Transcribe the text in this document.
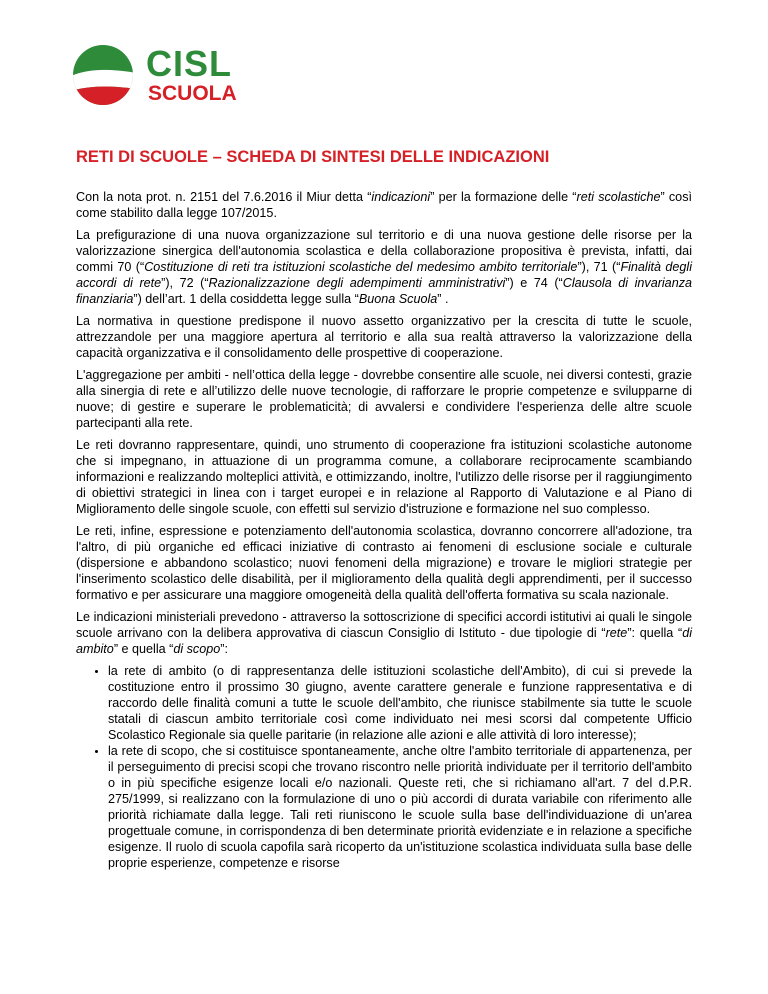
CISL
SCUOLA
RETI DI SCUOLE – SCHEDA DI SINTESI DELLE INDICAZIONI

Con la nota prot. n. 2151 del 7.6.2016 il Miur detta “indicazioni” per la formazione delle “reti scolastiche” così come stabilito dalla legge 107/2015.

La prefigurazione di una nuova organizzazione sul territorio e di una nuova gestione delle risorse per la valorizzazione sinergica dell'autonomia scolastica e della collaborazione propositiva è prevista, infatti, dai commi 70 (“Costituzione di reti tra istituzioni scolastiche del medesimo ambito territoriale”), 71 (“Finalità degli accordi di rete”), 72 (“Razionalizzazione degli adempimenti amministrativi”) e 74 (“Clausola di invarianza finanziaria”) dell’art. 1 della cosiddetta legge sulla “Buona Scuola” .

La normativa in questione predispone il nuovo assetto organizzativo per la crescita di tutte le scuole, attrezzandole per una maggiore apertura al territorio e alla sua realtà attraverso la valorizzazione della capacità organizzativa e il consolidamento delle prospettive di cooperazione.

L'aggregazione per ambiti - nell’ottica della legge - dovrebbe consentire alle scuole, nei diversi contesti, grazie alla sinergia di rete e all’utilizzo delle nuove tecnologie, di rafforzare le proprie competenze e svilupparne di nuove; di gestire e superare le problematicità; di avvalersi e condividere l'esperienza delle altre scuole partecipanti alla rete.

Le reti dovranno rappresentare, quindi, uno strumento di cooperazione fra istituzioni scolastiche autonome che si impegnano, in attuazione di un programma comune, a collaborare reciprocamente scambiando informazioni e realizzando molteplici attività, e ottimizzando, inoltre, l'utilizzo delle risorse per il raggiungimento di obiettivi strategici in linea con i target europei e in relazione al Rapporto di Valutazione e al Piano di Miglioramento delle singole scuole, con effetti sul servizio d'istruzione e formazione nel suo complesso.

Le reti, infine, espressione e potenziamento dell'autonomia scolastica, dovranno concorrere all'adozione, tra l'altro, di più organiche ed efficaci iniziative di contrasto ai fenomeni di esclusione sociale e culturale (dispersione e abbandono scolastico; nuovi fenomeni della migrazione) e trovare le migliori strategie per l'inserimento scolastico delle disabilità, per il miglioramento della qualità degli apprendimenti, per il successo formativo e per assicurare una maggiore omogeneità della qualità dell'offerta formativa su scala nazionale.

Le indicazioni ministeriali prevedono - attraverso la sottoscrizione di specifici accordi istitutivi ai quali le singole scuole arrivano con la delibera approvativa di ciascun Consiglio di Istituto - due tipologie di “rete”: quella “di ambito” e quella “di scopo”:

• la rete di ambito (o di rappresentanza delle istituzioni scolastiche dell'Ambito), di cui si prevede la costituzione entro il prossimo 30 giugno, avente carattere generale e funzione rappresentativa e di raccordo delle finalità comuni a tutte le scuole dell'ambito, che riunisce stabilmente sia tutte le scuole statali di ciascun ambito territoriale così come individuato nei mesi scorsi dal competente Ufficio Scolastico Regionale sia quelle paritarie (in relazione alle azioni e alle attività di loro interesse);
• la rete di scopo, che si costituisce spontaneamente, anche oltre l'ambito territoriale di appartenenza, per il perseguimento di precisi scopi che trovano riscontro nelle priorità individuate per il territorio dell'ambito o in più specifiche esigenze locali e/o nazionali. Queste reti, che si richiamano all'art. 7 del d.P.R. 275/1999, si realizzano con la formulazione di uno o più accordi di durata variabile con riferimento alle priorità richiamate dalla legge. Tali reti riuniscono le scuole sulla base dell'individuazione di un'area progettuale comune, in corrispondenza di ben determinate priorità evidenziate e in relazione a specifiche esigenze. Il ruolo di scuola capofila sarà ricoperto da un'istituzione scolastica individuata sulla base delle proprie esperienze, competenze e risorse
